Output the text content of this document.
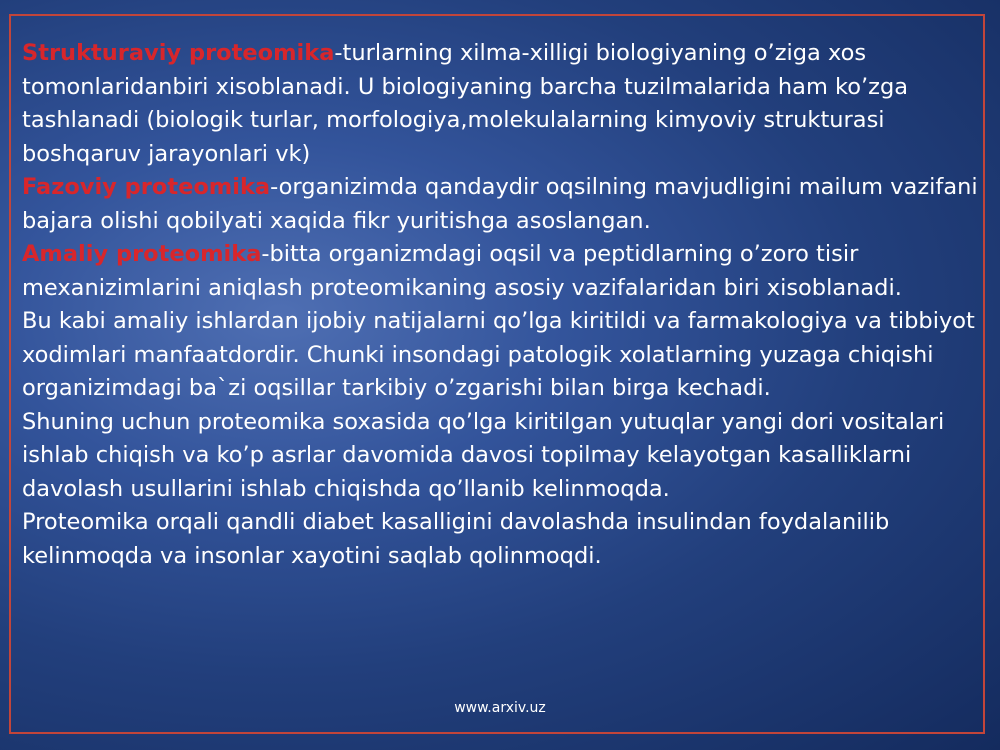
Strukturaviy proteomika-turlarning xilma-xilligi biologiyaning o’ziga xos tomonlaridanbiri xisoblanadi. U biologiyaning barcha tuzilmalarida ham ko’zga tashlanadi (biologik turlar, morfologiya,molekulalarning kimyoviy strukturasi boshqaruv jarayonlari vk)

Fazoviy proteomika-organizimda qandaydir oqsilning mavjudligini mailum vazifani bajara olishi qobilyati xaqida fikr yuritishga asoslangan.

Amaliy proteomika-bitta organizmdagi oqsil va peptidlarning o’zoro tisir mexanizimlarini aniqlash proteomikaning asosiy vazifalaridan biri xisoblanadi.

Bu kabi amaliy ishlardan ijobiy natijalarni qo’lga kiritildi va farmakologiya va tibbiyot xodimlari manfaatdordir. Chunki insondagi patologik xolatlarning yuzaga chiqishi organizimdagi ba`zi oqsillar tarkibiy o’zgarishi bilan birga kechadi.

Shuning uchun proteomika soxasida qo’lga kiritilgan yutuqlar yangi dori vositalari ishlab chiqish va ko’p asrlar davomida davosi topilmay kelayotgan kasalliklarni davolash usullarini ishlab chiqishda qo’llanib kelinmoqda.

Proteomika orqali qandli diabet kasalligini davolashda insulindan foydalanilib kelinmoqda va insonlar xayotini saqlab qolinmoqdi.

www.arxiv.uz
